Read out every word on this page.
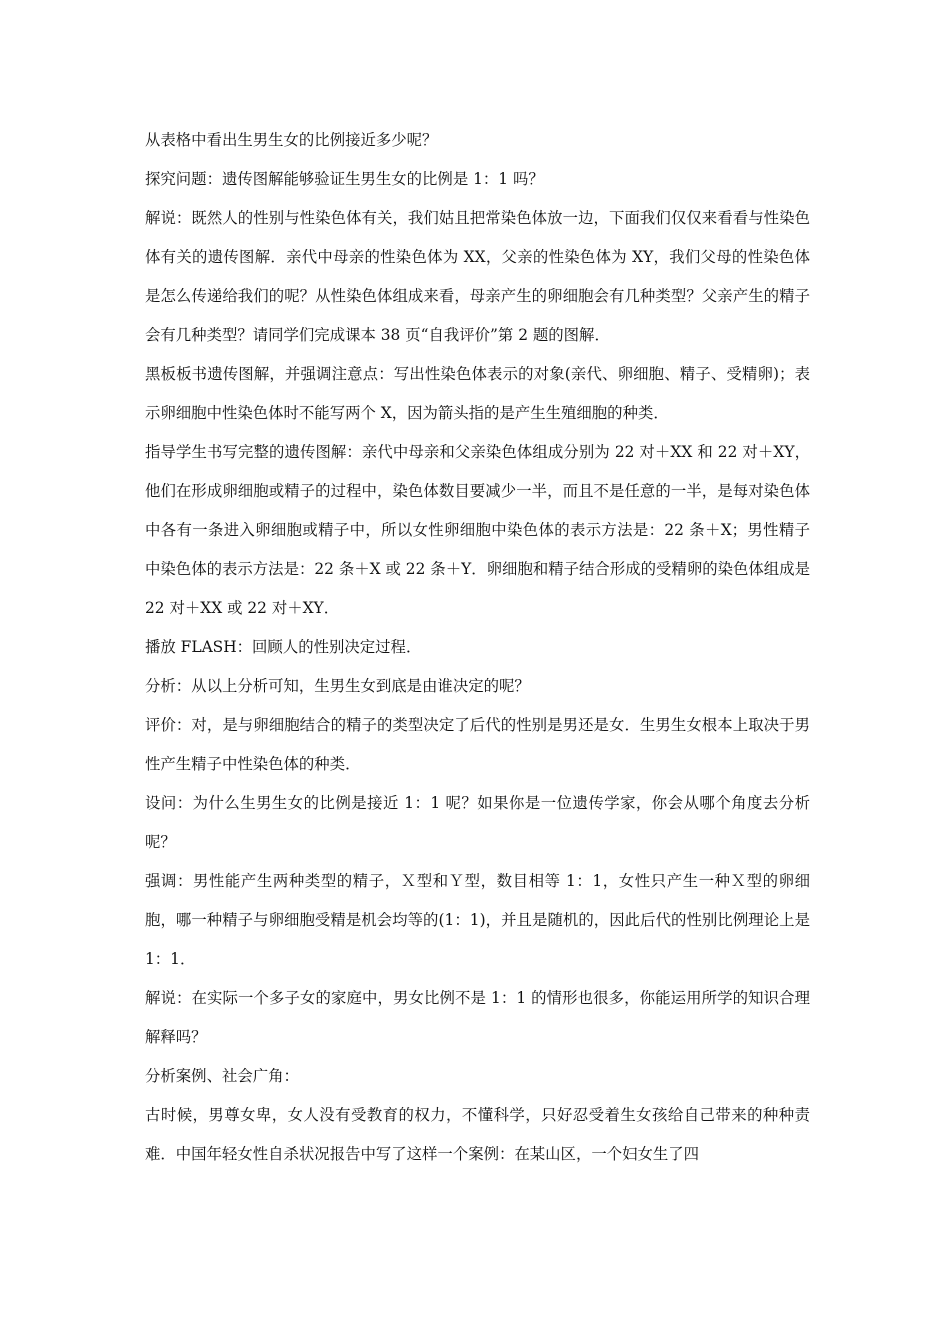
从表格中看出生男生女的比例接近多少呢？

探究问题：遗传图解能够验证生男生女的比例是 1：1 吗？

解说：既然人的性别与性染色体有关，我们姑且把常染色体放一边，下面我们仅仅来看看与性染色体有关的遗传图解．亲代中母亲的性染色体为 XX，父亲的性染色体为 XY，我们父母的性染色体是怎么传递给我们的呢？从性染色体组成来看，母亲产生的卵细胞会有几种类型？父亲产生的精子会有几种类型？请同学们完成课本 38 页“自我评价”第 2 题的图解．

黑板板书遗传图解，并强调注意点：写出性染色体表示的对象(亲代、卵细胞、精子、受精卵)；表示卵细胞中性染色体时不能写两个 X，因为箭头指的是产生生殖细胞的种类．

指导学生书写完整的遗传图解：亲代中母亲和父亲染色体组成分别为 22 对＋XX 和 22 对＋XY，他们在形成卵细胞或精子的过程中，染色体数目要减少一半，而且不是任意的一半，是每对染色体中各有一条进入卵细胞或精子中，所以女性卵细胞中染色体的表示方法是：22 条＋X；男性精子中染色体的表示方法是：22 条＋X 或 22 条＋Y．卵细胞和精子结合形成的受精卵的染色体组成是 22 对＋XX 或 22 对＋XY．

播放 FLASH：回顾人的性别决定过程．

分析：从以上分析可知，生男生女到底是由谁决定的呢？

评价：对，是与卵细胞结合的精子的类型决定了后代的性别是男还是女．生男生女根本上取决于男性产生精子中性染色体的种类．

设问：为什么生男生女的比例是接近 1：1 呢？如果你是一位遗传学家，你会从哪个角度去分析呢？

强调：男性能产生两种类型的精子，Ｘ型和Ｙ型，数目相等 1：1，女性只产生一种Ｘ型的卵细胞，哪一种精子与卵细胞受精是机会均等的(1：1)，并且是随机的，因此后代的性别比例理论上是 1：1．

解说：在实际一个多子女的家庭中，男女比例不是 1：1 的情形也很多，你能运用所学的知识合理解释吗？

分析案例、社会广角：

古时候，男尊女卑，女人没有受教育的权力，不懂科学，只好忍受着生女孩给自己带来的种种责难．中国年轻女性自杀状况报告中写了这样一个案例：在某山区，一个妇女生了四
